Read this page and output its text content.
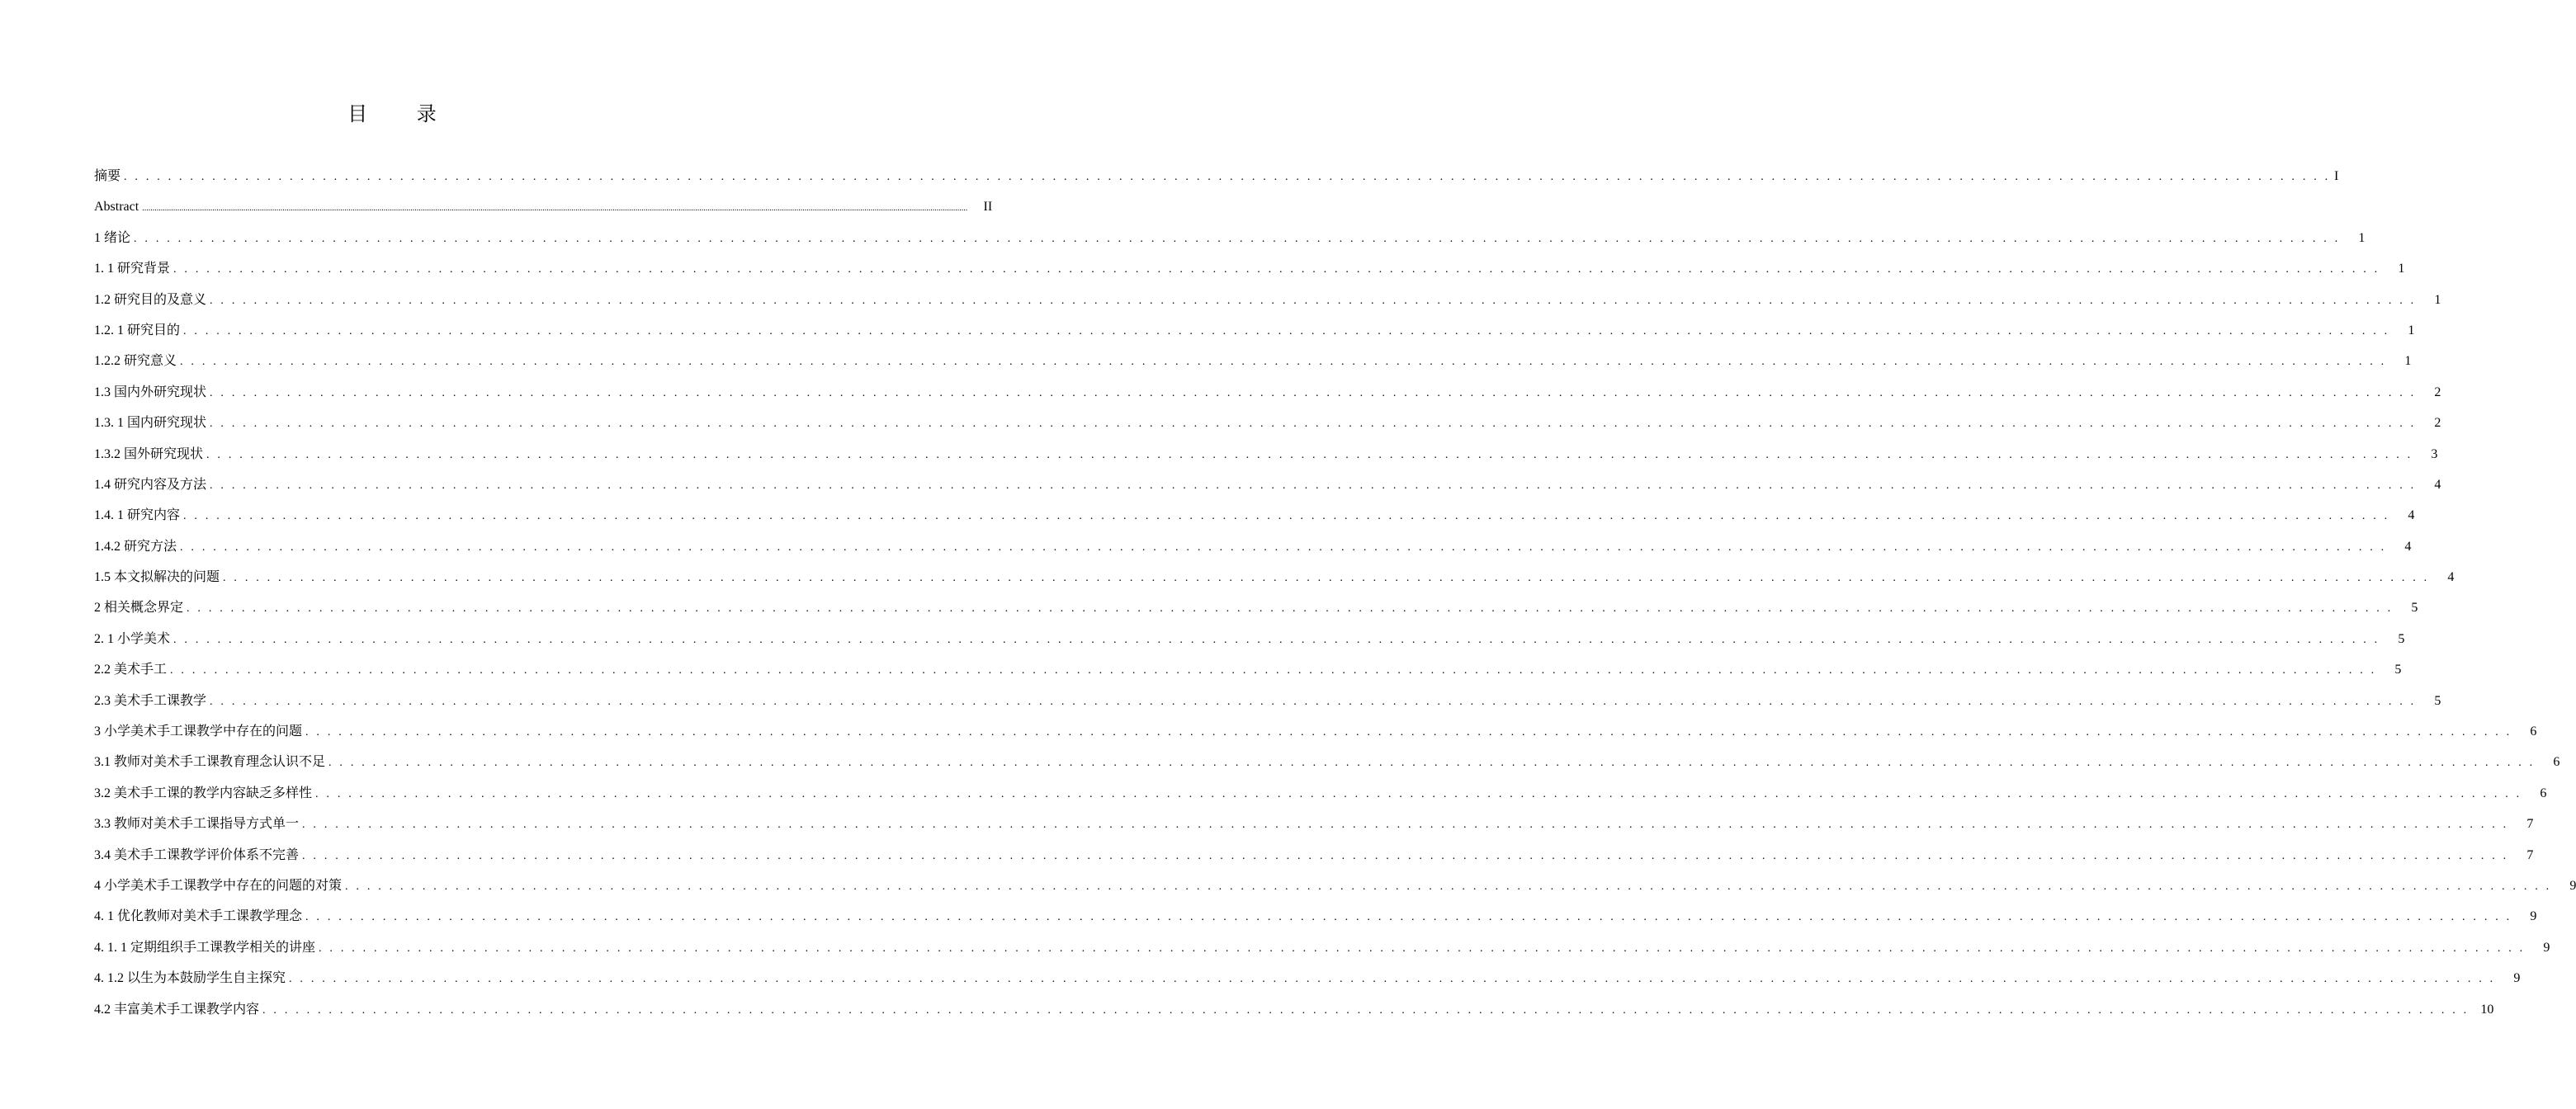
目 录
摘要 . . . . . . . . . . . . . . . . . . . . . . . . . . . . . . . . . . . . . . . . . . . . . . . . . . . . . . . . . . . . . . . . . . . . . . . . . . . . . . . . . . . . . . . . . . . . . . . . . . . . . . . . . . . . . . . . . . . . . . . . . . . . . . . . . . . . . . . . . . . . . . . . . . . . . . . . . . . . . . . . . . . . . . . . . . . . . . . . . . . . . . . . . . . . . . . . . . . . . . . . I
Abstract ................................................................................................................................................................................................................................................................................................................................................................................................................	II
1 绪论 . . . . . . . . . . . . . . . . . . . . . . . . . . . . . . . . . . . . . . . . . . . . . . . . . . . . . . . . . . . . . . . . . . . . . . . . . . . . . . . . . . . . . . . . . . . . . . . . . . . . . . . . . . . . . . . . . . . . . . . . . . . . . . . . . . . . . . . . . . . . . . . . . . . . . . . . . . . . . . . . . . . . . . . . . . . . . . . . . . . . . . . . . . . . . . . . . . . . . . . .	1
1. 1 研究背景 . . . . . . . . . . . . . . . . . . . . . . . . . . . . . . . . . . . . . . . . . . . . . . . . . . . . . . . . . . . . . . . . . . . . . . . . . . . . . . . . . . . . . . . . . . . . . . . . . . . . . . . . . . . . . . . . . . . . . . . . . . . . . . . . . . . . . . . . . . . . . . . . . . . . . . . . . . . . . . . . . . . . . . . . . . . . . . . . . . . . . . . . . . . . . . . . . . . . . . . .	1
1.2 研究目的及意义 . . . . . . . . . . . . . . . . . . . . . . . . . . . . . . . . . . . . . . . . . . . . . . . . . . . . . . . . . . . . . . . . . . . . . . . . . . . . . . . . . . . . . . . . . . . . . . . . . . . . . . . . . . . . . . . . . . . . . . . . . . . . . . . . . . . . . . . . . . . . . . . . . . . . . . . . . . . . . . . . . . . . . . . . . . . . . . . . . . . . . . . . . . . . . . . . . . . . . . . .	1
1.2. 1 研究目的 . . . . . . . . . . . . . . . . . . . . . . . . . . . . . . . . . . . . . . . . . . . . . . . . . . . . . . . . . . . . . . . . . . . . . . . . . . . . . . . . . . . . . . . . . . . . . . . . . . . . . . . . . . . . . . . . . . . . . . . . . . . . . . . . . . . . . . . . . . . . . . . . . . . . . . . . . . . . . . . . . . . . . . . . . . . . . . . . . . . . . . . . . . . . . . . . . . . . . . . .	1
1.2.2 研究意义 . . . . . . . . . . . . . . . . . . . . . . . . . . . . . . . . . . . . . . . . . . . . . . . . . . . . . . . . . . . . . . . . . . . . . . . . . . . . . . . . . . . . . . . . . . . . . . . . . . . . . . . . . . . . . . . . . . . . . . . . . . . . . . . . . . . . . . . . . . . . . . . . . . . . . . . . . . . . . . . . . . . . . . . . . . . . . . . . . . . . . . . . . . . . . . . . . . . . . . . .	1
1.3 国内外研究现状 . . . . . . . . . . . . . . . . . . . . . . . . . . . . . . . . . . . . . . . . . . . . . . . . . . . . . . . . . . . . . . . . . . . . . . . . . . . . . . . . . . . . . . . . . . . . . . . . . . . . . . . . . . . . . . . . . . . . . . . . . . . . . . . . . . . . . . . . . . . . . . . . . . . . . . . . . . . . . . . . . . . . . . . . . . . . . . . . . . . . . . . . . . . . . . . . . . . . . . . .	2
1.3. 1 国内研究现状 . . . . . . . . . . . . . . . . . . . . . . . . . . . . . . . . . . . . . . . . . . . . . . . . . . . . . . . . . . . . . . . . . . . . . . . . . . . . . . . . . . . . . . . . . . . . . . . . . . . . . . . . . . . . . . . . . . . . . . . . . . . . . . . . . . . . . . . . . . . . . . . . . . . . . . . . . . . . . . . . . . . . . . . . . . . . . . . . . . . . . . . . . . . . . . . . . . . . . . . .	2
1.3.2 国外研究现状 . . . . . . . . . . . . . . . . . . . . . . . . . . . . . . . . . . . . . . . . . . . . . . . . . . . . . . . . . . . . . . . . . . . . . . . . . . . . . . . . . . . . . . . . . . . . . . . . . . . . . . . . . . . . . . . . . . . . . . . . . . . . . . . . . . . . . . . . . . . . . . . . . . . . . . . . . . . . . . . . . . . . . . . . . . . . . . . . . . . . . . . . . . . . . . . . . . . . . . . .	3
1.4 研究内容及方法 . . . . . . . . . . . . . . . . . . . . . . . . . . . . . . . . . . . . . . . . . . . . . . . . . . . . . . . . . . . . . . . . . . . . . . . . . . . . . . . . . . . . . . . . . . . . . . . . . . . . . . . . . . . . . . . . . . . . . . . . . . . . . . . . . . . . . . . . . . . . . . . . . . . . . . . . . . . . . . . . . . . . . . . . . . . . . . . . . . . . . . . . . . . . . . . . . . . . . . . .	4
1.4. 1 研究内容 . . . . . . . . . . . . . . . . . . . . . . . . . . . . . . . . . . . . . . . . . . . . . . . . . . . . . . . . . . . . . . . . . . . . . . . . . . . . . . . . . . . . . . . . . . . . . . . . . . . . . . . . . . . . . . . . . . . . . . . . . . . . . . . . . . . . . . . . . . . . . . . . . . . . . . . . . . . . . . . . . . . . . . . . . . . . . . . . . . . . . . . . . . . . . . . . . . . . . . . .	4
1.4.2 研究方法 . . . . . . . . . . . . . . . . . . . . . . . . . . . . . . . . . . . . . . . . . . . . . . . . . . . . . . . . . . . . . . . . . . . . . . . . . . . . . . . . . . . . . . . . . . . . . . . . . . . . . . . . . . . . . . . . . . . . . . . . . . . . . . . . . . . . . . . . . . . . . . . . . . . . . . . . . . . . . . . . . . . . . . . . . . . . . . . . . . . . . . . . . . . . . . . . . . . . . . . .	4
1.5 本文拟解决的问题 . . . . . . . . . . . . . . . . . . . . . . . . . . . . . . . . . . . . . . . . . . . . . . . . . . . . . . . . . . . . . . . . . . . . . . . . . . . . . . . . . . . . . . . . . . . . . . . . . . . . . . . . . . . . . . . . . . . . . . . . . . . . . . . . . . . . . . . . . . . . . . . . . . . . . . . . . . . . . . . . . . . . . . . . . . . . . . . . . . . . . . . . . . . . . . . . . . . . . . . .	4
2 相关概念界定 . . . . . . . . . . . . . . . . . . . . . . . . . . . . . . . . . . . . . . . . . . . . . . . . . . . . . . . . . . . . . . . . . . . . . . . . . . . . . . . . . . . . . . . . . . . . . . . . . . . . . . . . . . . . . . . . . . . . . . . . . . . . . . . . . . . . . . . . . . . . . . . . . . . . . . . . . . . . . . . . . . . . . . . . . . . . . . . . . . . . . . . . . . . . . . . . . . . . . . . .	5
2. 1 小学美术 . . . . . . . . . . . . . . . . . . . . . . . . . . . . . . . . . . . . . . . . . . . . . . . . . . . . . . . . . . . . . . . . . . . . . . . . . . . . . . . . . . . . . . . . . . . . . . . . . . . . . . . . . . . . . . . . . . . . . . . . . . . . . . . . . . . . . . . . . . . . . . . . . . . . . . . . . . . . . . . . . . . . . . . . . . . . . . . . . . . . . . . . . . . . . . . . . . . . . . . .	5
2.2 美术手工 . . . . . . . . . . . . . . . . . . . . . . . . . . . . . . . . . . . . . . . . . . . . . . . . . . . . . . . . . . . . . . . . . . . . . . . . . . . . . . . . . . . . . . . . . . . . . . . . . . . . . . . . . . . . . . . . . . . . . . . . . . . . . . . . . . . . . . . . . . . . . . . . . . . . . . . . . . . . . . . . . . . . . . . . . . . . . . . . . . . . . . . . . . . . . . . . . . . . . . . .	5
2.3 美术手工课教学 . . . . . . . . . . . . . . . . . . . . . . . . . . . . . . . . . . . . . . . . . . . . . . . . . . . . . . . . . . . . . . . . . . . . . . . . . . . . . . . . . . . . . . . . . . . . . . . . . . . . . . . . . . . . . . . . . . . . . . . . . . . . . . . . . . . . . . . . . . . . . . . . . . . . . . . . . . . . . . . . . . . . . . . . . . . . . . . . . . . . . . . . . . . . . . . . . . . . . . . .	5
3 小学美术手工课教学中存在的问题 . . . . . . . . . . . . . . . . . . . . . . . . . . . . . . . . . . . . . . . . . . . . . . . . . . . . . . . . . . . . . . . . . . . . . . . . . . . . . . . . . . . . . . . . . . . . . . . . . . . . . . . . . . . . . . . . . . . . . . . . . . . . . . . . . . . . . . . . . . . . . . . . . . . . . . . . . . . . . . . . . . . . . . . . . . . . . . . . . . . . . . . . . . . . . . . . . . . . . . . .	6
3.1 教师对美术手工课教育理念认识不足 . . . . . . . . . . . . . . . . . . . . . . . . . . . . . . . . . . . . . . . . . . . . . . . . . . . . . . . . . . . . . . . . . . . . . . . . . . . . . . . . . . . . . . . . . . . . . . . . . . . . . . . . . . . . . . . . . . . . . . . . . . . . . . . . . . . . . . . . . . . . . . . . . . . . . . . . . . . . . . . . . . . . . . . . . . . . . . . . . . . . . . . . . . . . . . . . . . . . . . . .	6
3.2 美术手工课的教学内容缺乏多样性 . . . . . . . . . . . . . . . . . . . . . . . . . . . . . . . . . . . . . . . . . . . . . . . . . . . . . . . . . . . . . . . . . . . . . . . . . . . . . . . . . . . . . . . . . . . . . . . . . . . . . . . . . . . . . . . . . . . . . . . . . . . . . . . . . . . . . . . . . . . . . . . . . . . . . . . . . . . . . . . . . . . . . . . . . . . . . . . . . . . . . . . . . . . . . . . . . . . . . . . .	6
3.3 教师对美术手工课指导方式单一 . . . . . . . . . . . . . . . . . . . . . . . . . . . . . . . . . . . . . . . . . . . . . . . . . . . . . . . . . . . . . . . . . . . . . . . . . . . . . . . . . . . . . . . . . . . . . . . . . . . . . . . . . . . . . . . . . . . . . . . . . . . . . . . . . . . . . . . . . . . . . . . . . . . . . . . . . . . . . . . . . . . . . . . . . . . . . . . . . . . . . . . . . . . . . . . . . . . . . . . .	7
3.4 美术手工课教学评价体系不完善 . . . . . . . . . . . . . . . . . . . . . . . . . . . . . . . . . . . . . . . . . . . . . . . . . . . . . . . . . . . . . . . . . . . . . . . . . . . . . . . . . . . . . . . . . . . . . . . . . . . . . . . . . . . . . . . . . . . . . . . . . . . . . . . . . . . . . . . . . . . . . . . . . . . . . . . . . . . . . . . . . . . . . . . . . . . . . . . . . . . . . . . . . . . . . . . . . . . . . . . .	7
4 小学美术手工课教学中存在的问题的对策 . . . . . . . . . . . . . . . . . . . . . . . . . . . . . . . . . . . . . . . . . . . . . . . . . . . . . . . . . . . . . . . . . . . . . . . . . . . . . . . . . . . . . . . . . . . . . . . . . . . . . . . . . . . . . . . . . . . . . . . . . . . . . . . . . . . . . . . . . . . . . . . . . . . . . . . . . . . . . . . . . . . . . . . . . . . . . . . . . . . . . . . . . . . . . . . . . . . . . . . .	9
4. 1 优化教师对美术手工课教学理念 . . . . . . . . . . . . . . . . . . . . . . . . . . . . . . . . . . . . . . . . . . . . . . . . . . . . . . . . . . . . . . . . . . . . . . . . . . . . . . . . . . . . . . . . . . . . . . . . . . . . . . . . . . . . . . . . . . . . . . . . . . . . . . . . . . . . . . . . . . . . . . . . . . . . . . . . . . . . . . . . . . . . . . . . . . . . . . . . . . . . . . . . . . . . . . . . . . . . . . . .	9
4. 1. 1 定期组织手工课教学相关的讲座 . . . . . . . . . . . . . . . . . . . . . . . . . . . . . . . . . . . . . . . . . . . . . . . . . . . . . . . . . . . . . . . . . . . . . . . . . . . . . . . . . . . . . . . . . . . . . . . . . . . . . . . . . . . . . . . . . . . . . . . . . . . . . . . . . . . . . . . . . . . . . . . . . . . . . . . . . . . . . . . . . . . . . . . . . . . . . . . . . . . . . . . . . . . . . . . . . . . . . . . .	9
4. 1.2 以生为本鼓励学生自主探究 . . . . . . . . . . . . . . . . . . . . . . . . . . . . . . . . . . . . . . . . . . . . . . . . . . . . . . . . . . . . . . . . . . . . . . . . . . . . . . . . . . . . . . . . . . . . . . . . . . . . . . . . . . . . . . . . . . . . . . . . . . . . . . . . . . . . . . . . . . . . . . . . . . . . . . . . . . . . . . . . . . . . . . . . . . . . . . . . . . . . . . . . . . . . . . . . . . . . . . . .	9
4.2 丰富美术手工课教学内容 . . . . . . . . . . . . . . . . . . . . . . . . . . . . . . . . . . . . . . . . . . . . . . . . . . . . . . . . . . . . . . . . . . . . . . . . . . . . . . . . . . . . . . . . . . . . . . . . . . . . . . . . . . . . . . . . . . . . . . . . . . . . . . . . . . . . . . . . . . . . . . . . . . . . . . . . . . . . . . . . . . . . . . . . . . . . . . . . . . . . . . . . . . . . . . . . . . . . . . . . 10
